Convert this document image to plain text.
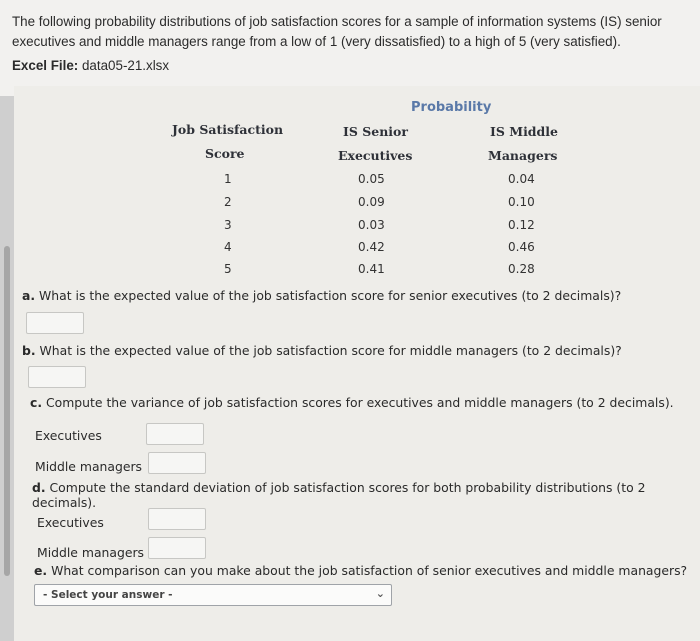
The following probability distributions of job satisfaction scores for a sample of information systems (IS) senior executives and middle managers range from a low of 1 (very dissatisfied) to a high of 5 (very satisfied).
Excel File: data05-21.xlsx
Probability
Job Satisfaction
Score
IS Senior
Executives
IS Middle
Managers
1	0.05	0.04
2	0.09	0.10
3	0.03	0.12
4	0.42	0.46
5	0.41	0.28
a. What is the expected value of the job satisfaction score for senior executives (to 2 decimals)?
b. What is the expected value of the job satisfaction score for middle managers (to 2 decimals)?
c. Compute the variance of job satisfaction scores for executives and middle managers (to 2 decimals).
Executives
Middle managers
d. Compute the standard deviation of job satisfaction scores for both probability distributions (to 2 decimals).
Executives
Middle managers
e. What comparison can you make about the job satisfaction of senior executives and middle managers?
- Select your answer -	⌄
